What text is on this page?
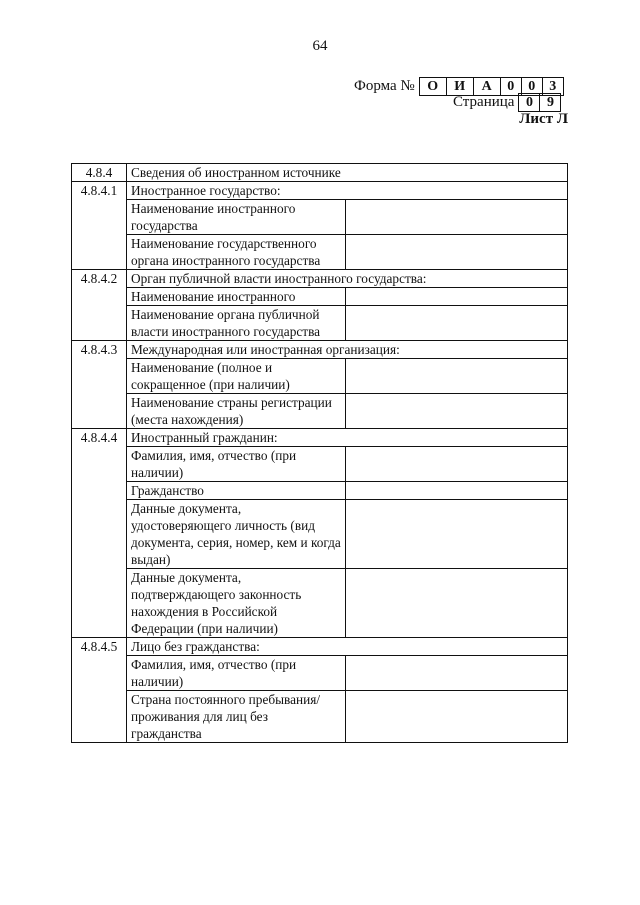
64
Форма № О	И	А	0	0	3
Страница 0	9
Лист Л
4.8.4	Сведения об иностранном источнике	
4.8.4.1	Иностранное государство:	
	Наименование иностранного государства	
	Наименование государственного органа иностранного государства	
4.8.4.2	Орган публичной власти иностранного государства:	
	Наименование иностранного	
	Наименование органа публичной власти иностранного государства	
4.8.4.3	Международная или иностранная организация:	
	Наименование (полное и сокращенное (при наличии)	
	Наименование страны регистрации (места нахождения)	
4.8.4.4	Иностранный гражданин:	
	Фамилия, имя, отчество (при наличии)	
	Гражданство	
	Данные документа, удостоверяющего личность (вид документа, серия, номер, кем и когда выдан)	
	Данные документа, подтверждающего законность нахождения в Российской Федерации (при наличии)	
4.8.4.5	Лицо без гражданства:	
	Фамилия, имя, отчество (при наличии)	
	Страна постоянного пребывания/проживания для лиц без гражданства	
